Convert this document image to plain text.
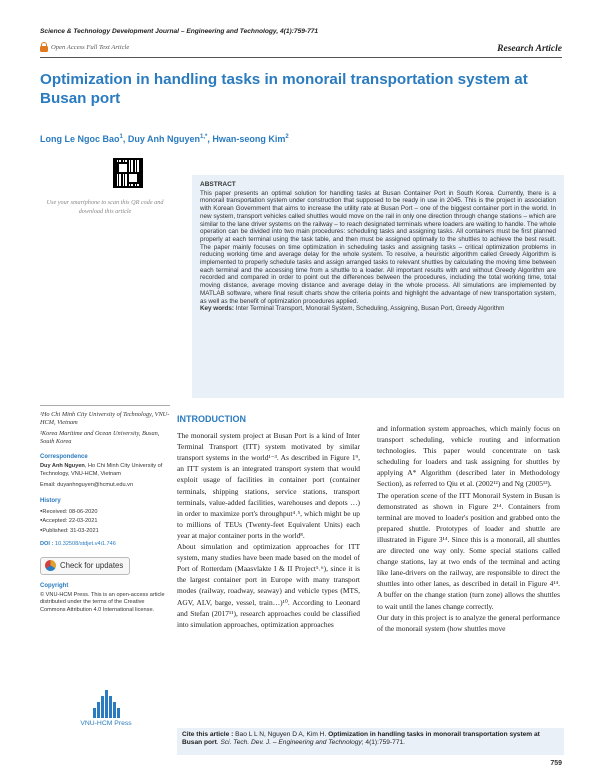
Science & Technology Development Journal – Engineering and Technology, 4(1):759-771
Open Access Full Text Article	Research Article
Optimization in handling tasks in monorail transportation system at Busan port
Long Le Ngoc Bao$^1$, Duy Anh Nguyen$^{1,*}$, Hwan-seong Kim$^2$
Use your smartphone to scan this QR code and download this article
ABSTRACT
This paper presents an optimal solution for handling tasks at Busan Container Port in South Korea. Currently, there is a monorail transportation system under construction that supposed to be ready in use in 2045. This is the project in association with Korean Government that aims to increase the utility rate at Busan Port – one of the biggest container port in the world. In new system, transport vehicles called shuttles would move on the rail in only one direction through change stations – which are similar to the lane driver systems on the railway – to reach designated terminals where loaders are waiting to handle. The whole operation can be divided into two main procedures: scheduling tasks and assigning tasks. All containers must be first planned properly at each terminal using the task table, and then must be assigned optimally to the shuttles to achieve the best result. The paper mainly focuses on time optimization in scheduling tasks and assigning tasks – critical optimization problems in reducing working time and average delay for the whole system. To resolve, a heuristic algorithm called Greedy Algorithm is implemented to properly schedule tasks and assign arranged tasks to relevant shuttles by calculating the moving time between each terminal and the accessing time from a shuttle to a loader. All important results with and without Greedy Algorithm are recorded and compared in order to point out the differences between the procedures, including the total working time, total moving distance, average moving distance and average delay in the whole process. All simulations are implemented by MATLAB software, where final result charts show the criteria points and highlight the advantage of new transportation system, as well as the benefit of optimization procedures applied.
Key words: Inter Terminal Transport, Monorail System, Scheduling, Assigning, Busan Port, Greedy Algorithm
¹Ho Chi Minh City University of Technology, VNU-HCM, Vietnam
²Korea Maritime and Ocean University, Busan, South Korea
Correspondence
Duy Anh Nguyen, Ho Chi Minh City University of Technology, VNU-HCM, Vietnam
Email: duyanhnguyen@hcmut.edu.vn
History
● Received: 08-06-2020
● Accepted: 22-03-2021
● Published: 31-03-2021
DOI : 10.32508/stdjet.v4i1.746
Check for updates
Copyright
© VNU-HCM Press. This is an open-access article distributed under the terms of the Creative Commons Attribution 4.0 International license.
VNU-HCM Press
INTRODUCTION

The monorail system project at Busan Port is a kind of Inter Terminal Transport (ITT) system motivated by similar transport systems in the world¹⁻³. As described in Figure 1⁹, an ITT system is an integrated transport system that would exploit usage of facilities in container port (container terminals, shipping stations, service stations, transport terminals, value-added facilities, warehouses and depots …) in order to maximize port's throughput⁴˒⁵, which might be up to millions of TEUs (Twenty-feet Equivalent Units) each year at major container ports in the world⁸.

About simulation and optimization approaches for ITT system, many studies have been made based on the model of Port of Rotterdam (Maasvlakte I & II Project⁵˒⁶), since it is the largest container port in Europe with many transport modes (railway, roadway, seaway) and vehicle types (MTS, AGV, ALV, barge, vessel, train…)¹⁰. According to Leonard and Stefan (2017¹¹), research approaches could be classified into simulation approaches, optimization approaches

and information system approaches, which mainly focus on transport scheduling, vehicle routing and information technologies. This paper would concentrate on task scheduling for loaders and task assigning for shuttles by applying A* Algorithm (described later in Methodology Section), as referred to Qiu et al. (2002¹²) and Ng (2005¹³).

The operation scene of the ITT Monorail System in Busan is demonstrated as shown in Figure 2¹⁴. Containers from terminal are moved to loader's position and grabbed onto the prepared shuttle. Prototypes of loader and shuttle are illustrated in Figure 3¹⁴. Since this is a monorail, all shuttles are directed one way only. Some special stations called change stations, lay at two ends of the terminal and acting like lane-drivers on the railway, are responsible to direct the shuttles into other lanes, as described in detail in Figure 4¹⁴. A buffer on the change station (turn zone) allows the shuttles to wait until the lanes change correctly.

Our duty in this project is to analyze the general performance of the monorail system (how shuttles move

Cite this article : Bao L L N, Nguyen D A, Kim H. Optimization in handling tasks in monorail transportation system at Busan port. Sci. Tech. Dev. J. – Engineering and Technology; 4(1):759-771.
759
